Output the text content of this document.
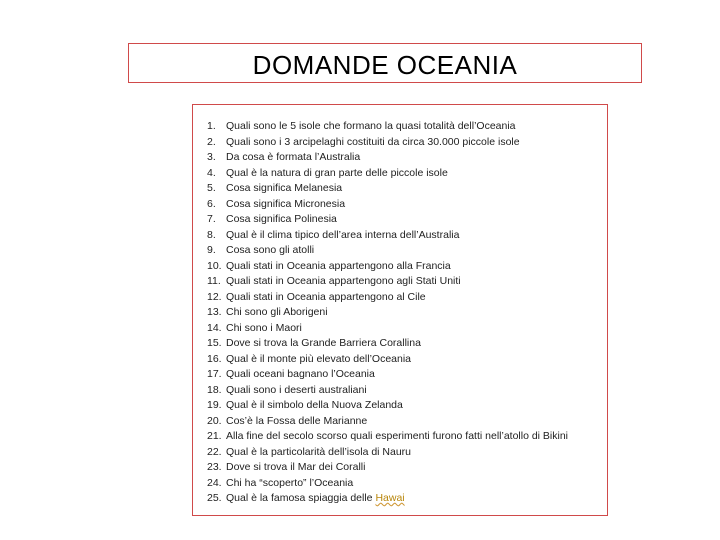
DOMANDE OCEANIA
1. Quali sono le 5 isole che formano la quasi totalità dell’Oceania
2. Quali sono i 3 arcipelaghi costituiti da circa 30.000 piccole isole
3. Da cosa è formata l’Australia
4. Qual è la natura di gran parte delle piccole isole
5. Cosa significa Melanesia
6. Cosa significa Micronesia
7. Cosa significa Polinesia
8. Qual è il clima tipico dell’area interna dell’Australia
9. Cosa sono gli atolli
10. Quali stati in Oceania appartengono alla Francia
11. Quali stati in Oceania appartengono agli Stati Uniti
12. Quali stati in Oceania appartengono al Cile
13. Chi sono gli Aborigeni
14. Chi sono i Maori
15. Dove si trova la Grande Barriera Corallina
16. Qual è il monte più elevato dell’Oceania
17. Quali oceani bagnano l’Oceania
18. Quali sono i deserti australiani
19. Qual è il simbolo della Nuova Zelanda
20. Cos’è la Fossa delle Marianne
21. Alla fine del secolo scorso quali esperimenti furono fatti nell’atollo di Bikini
22. Qual è la particolarità dell’isola di Nauru
23. Dove si trova il Mar dei Coralli
24. Chi ha “scoperto” l’Oceania
25. Qual è la famosa spiaggia delle Hawai
